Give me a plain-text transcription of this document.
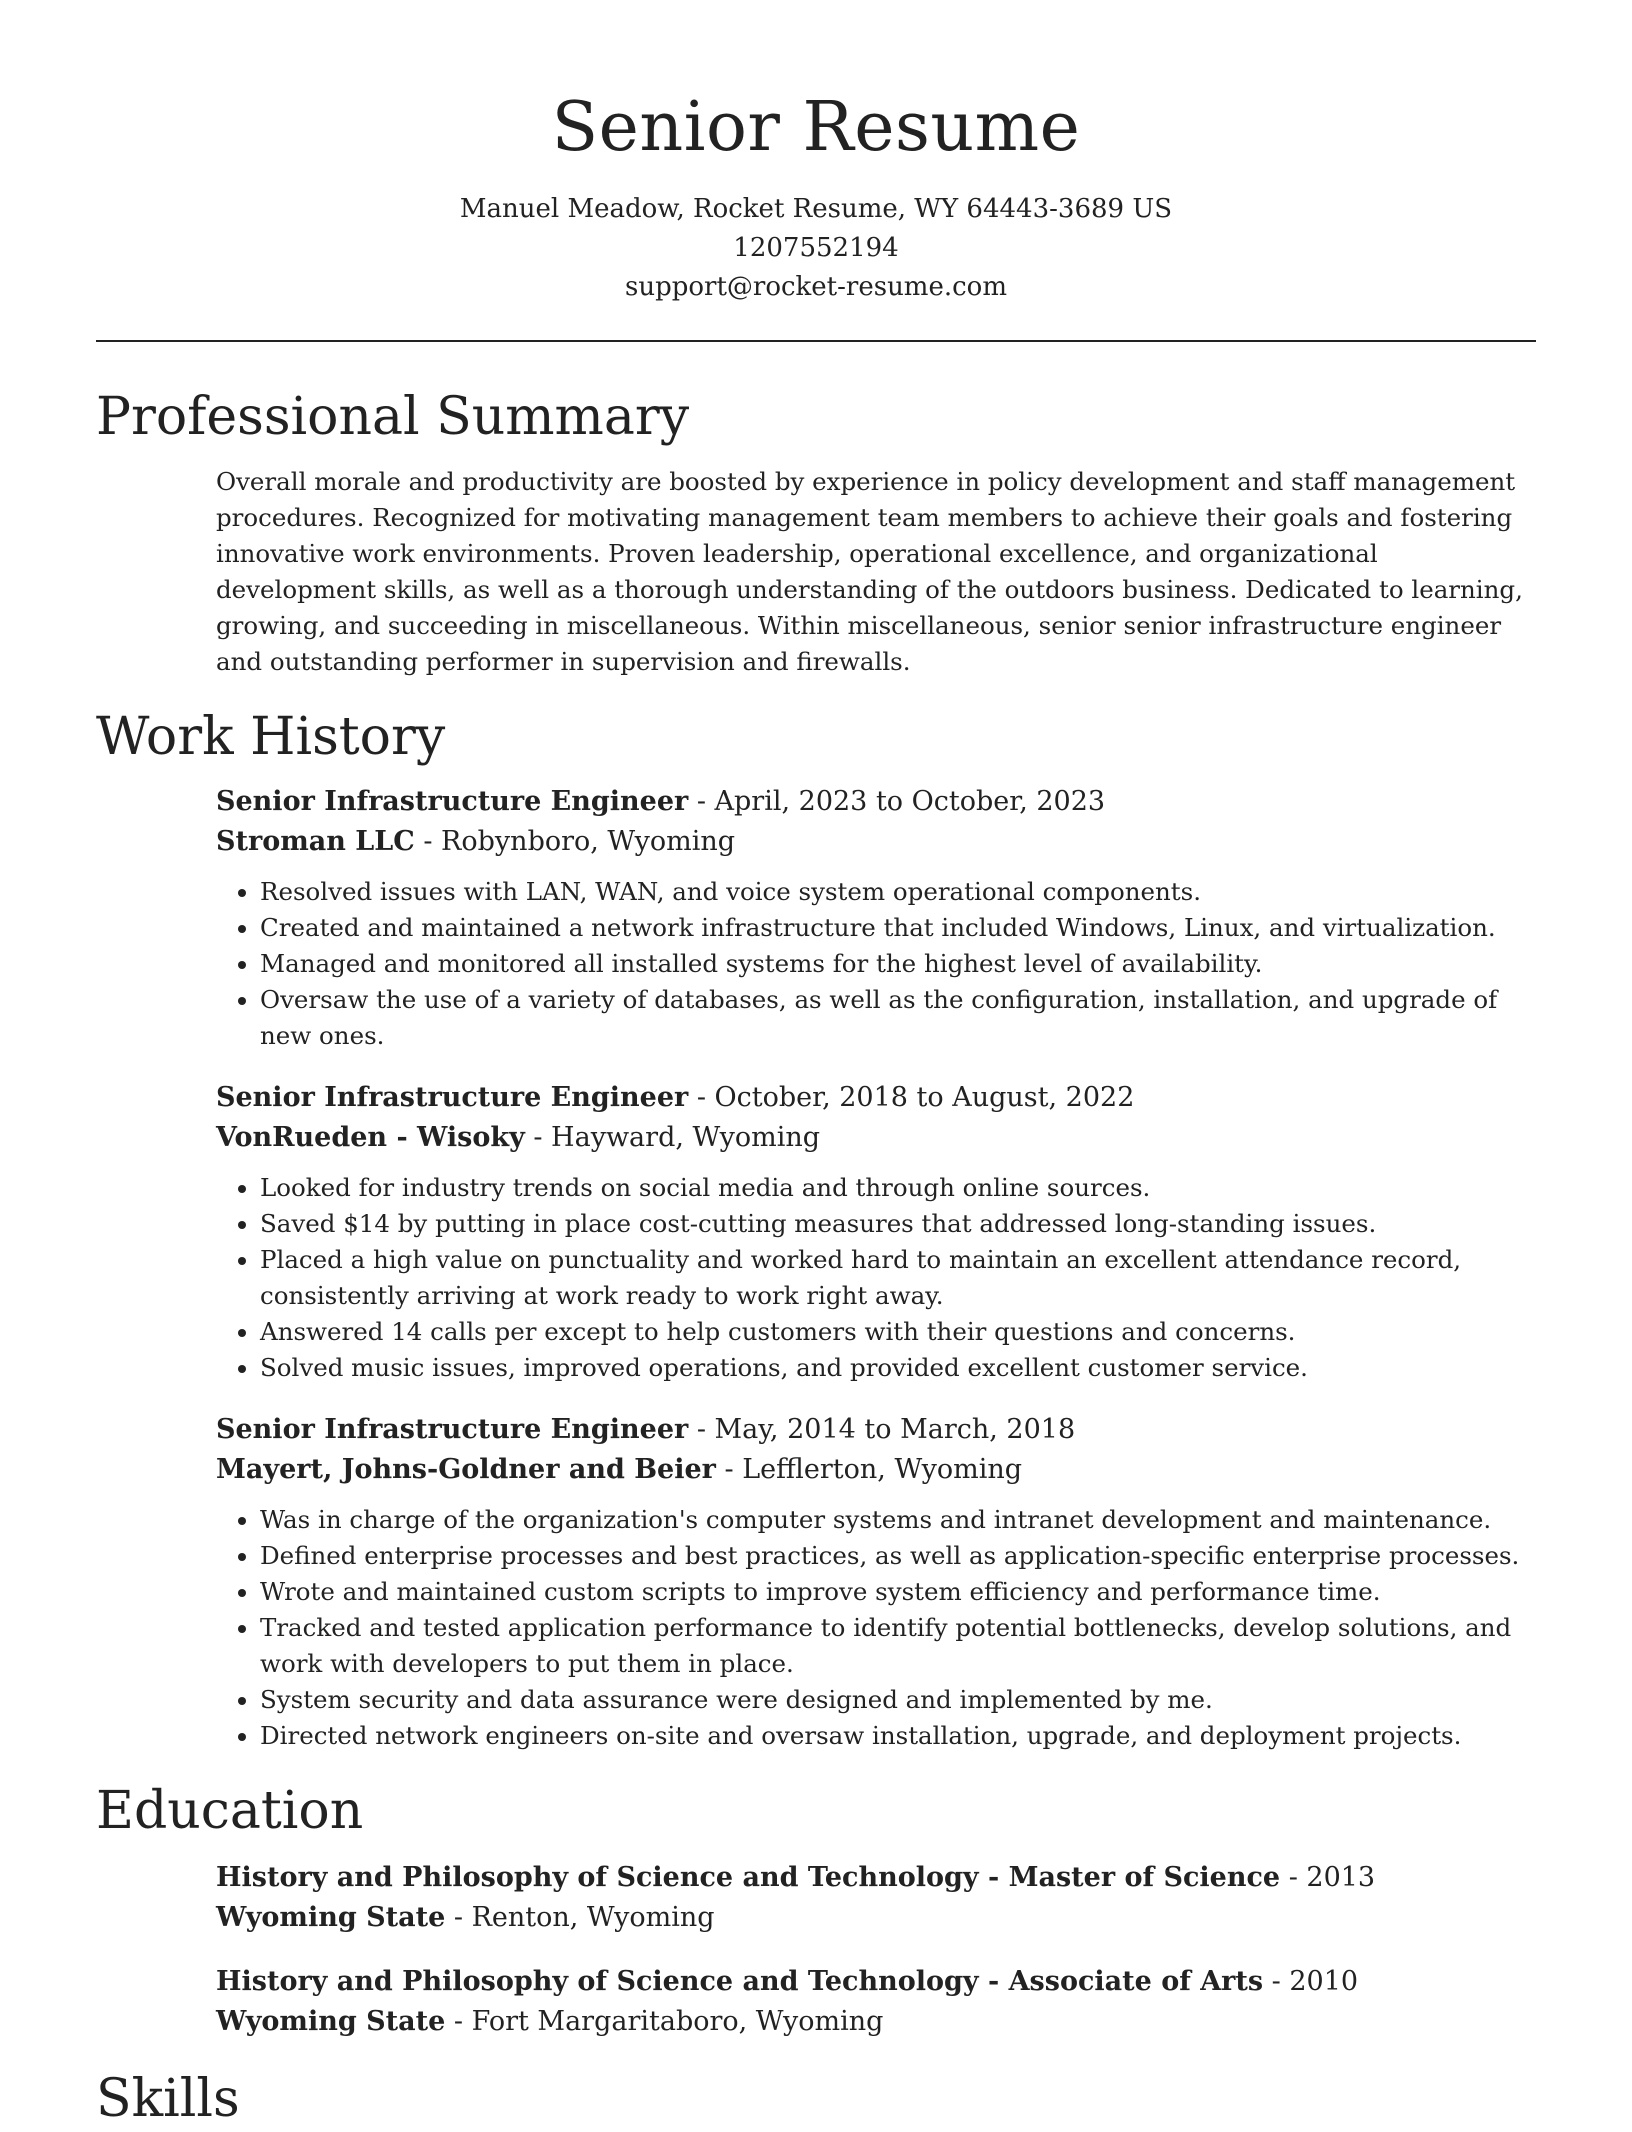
Senior Resume
Manuel Meadow, Rocket Resume, WY 64443-3689 US
1207552194
support@rocket-resume.com
Professional Summary

Overall morale and productivity are boosted by experience in policy development and staff management procedures. Recognized for motivating management team members to achieve their goals and fostering innovative work environments. Proven leadership, operational excellence, and organizational development skills, as well as a thorough understanding of the outdoors business. Dedicated to learning, growing, and succeeding in miscellaneous. Within miscellaneous, senior senior infrastructure engineer and outstanding performer in supervision and firewalls.

Work History
Senior Infrastructure Engineer - April, 2023 to October, 2023
Stroman LLC - Robynboro, Wyoming
• Resolved issues with LAN, WAN, and voice system operational components.
• Created and maintained a network infrastructure that included Windows, Linux, and virtualization.
• Managed and monitored all installed systems for the highest level of availability.
• Oversaw the use of a variety of databases, as well as the configuration, installation, and upgrade of new ones.
Senior Infrastructure Engineer - October, 2018 to August, 2022
VonRueden - Wisoky - Hayward, Wyoming
• Looked for industry trends on social media and through online sources.
• Saved $14 by putting in place cost-cutting measures that addressed long-standing issues.
• Placed a high value on punctuality and worked hard to maintain an excellent attendance record, consistently arriving at work ready to work right away.
• Answered 14 calls per except to help customers with their questions and concerns.
• Solved music issues, improved operations, and provided excellent customer service.
Senior Infrastructure Engineer - May, 2014 to March, 2018
Mayert, Johns-Goldner and Beier - Lefflerton, Wyoming
• Was in charge of the organization's computer systems and intranet development and maintenance.
• Defined enterprise processes and best practices, as well as application-specific enterprise processes.
• Wrote and maintained custom scripts to improve system efficiency and performance time.
• Tracked and tested application performance to identify potential bottlenecks, develop solutions, and work with developers to put them in place.
• System security and data assurance were designed and implemented by me.
• Directed network engineers on-site and oversaw installation, upgrade, and deployment projects.
Education
History and Philosophy of Science and Technology - Master of Science - 2013
Wyoming State - Renton, Wyoming
History and Philosophy of Science and Technology - Associate of Arts - 2010
Wyoming State - Fort Margaritaboro, Wyoming
Skills
